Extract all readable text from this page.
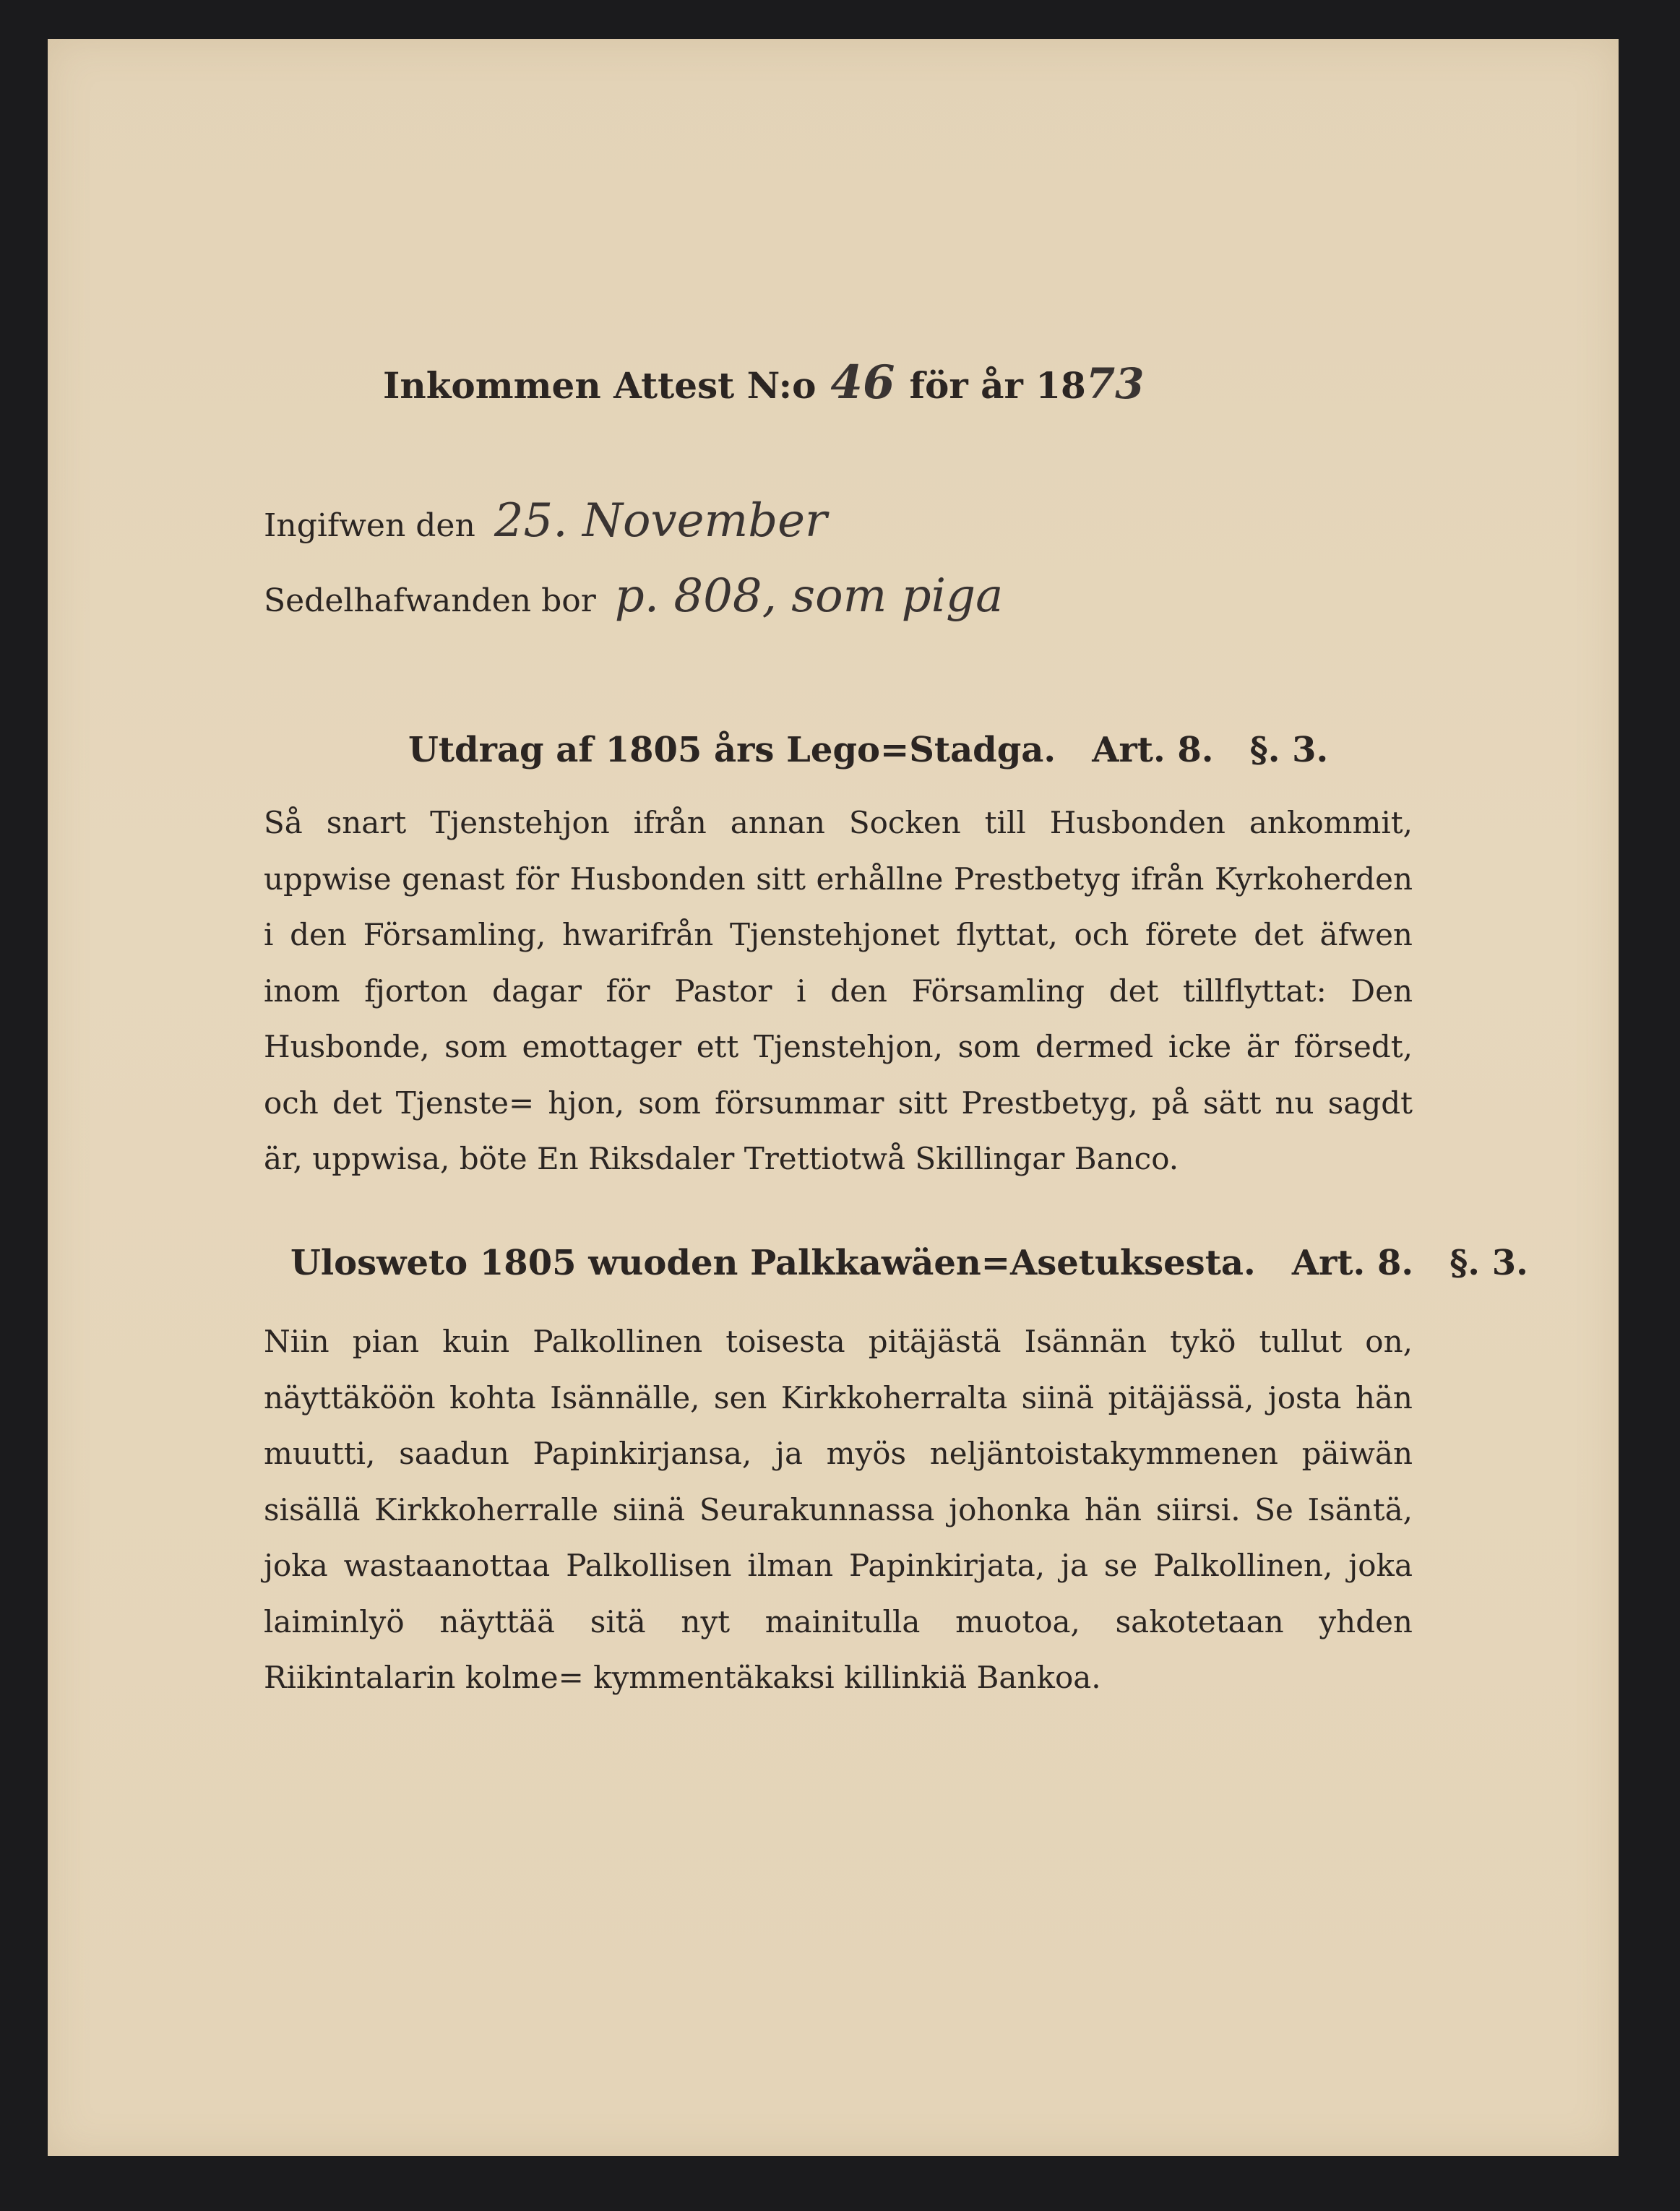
Inkommen Attest N:o 46 för år 1873
Ingifwen den 25. November
Sedelhafwanden bor p. 808, som piga
Utdrag af 1805 års Lego=Stadga. Art. 8. §. 3.
Så snart Tjenstehjon ifrån annan Socken till Husbonden ankommit, uppwise genast för Husbonden sitt erhållne Prestbetyg ifrån Kyrkoherden i den Församling, hwarifrån Tjenstehjonet flyttat, och förete det äfwen inom fjorton dagar för Pastor i den Församling det tillflyttat: Den Husbonde, som emottager ett Tjenstehjon, som dermed icke är försedt, och det Tjenste= hjon, som försummar sitt Prestbetyg, på sätt nu sagdt är, uppwisa, böte En Riksdaler Trettiotwå Skillingar Banco.
Ulosweto 1805 wuoden Palkkawäen=Asetuksesta. Art. 8. §. 3.
Niin pian kuin Palkollinen toisesta pitäjästä Isännän tykö tullut on, näyttäköön kohta Isännälle, sen Kirkkoherralta siinä pitäjässä, josta hän muutti, saadun Papinkirjansa, ja myös neljäntoistakymmenen päiwän sisällä Kirkkoherralle siinä Seurakunnassa johonka hän siirsi. Se Isäntä, joka wastaanottaa Palkollisen ilman Papinkirjata, ja se Palkollinen, joka laiminlyö näyttää sitä nyt mainitulla muotoa, sakotetaan yhden Riikintalarin kolme= kymmentäkaksi killinkiä Bankoa.
